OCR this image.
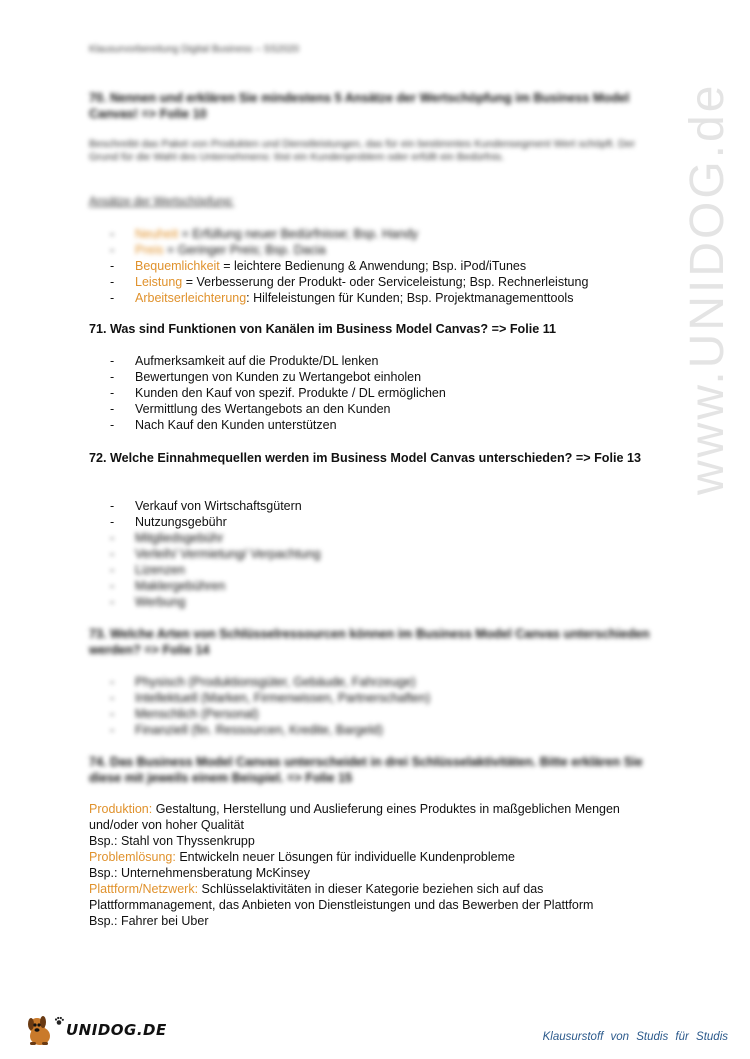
Klausurvorbereitung Digital Business – SS2020
70. Nennen und erklären Sie mindestens 5 Ansätze der Wertschöpfung im Business Model Canvas! => Folie 10
Beschreibt das Paket von Produkten und Dienstleistungen, das für ein bestimmtes Kundensegment Wert schöpft. Der Grund für die Wahl des Unternehmens: löst ein Kundenproblem oder erfüllt ein Bedürfnis.
Ansätze der Wertschöpfung:
- Neuheit = Erfüllung neuer Bedürfnisse; Bsp. Handy
- Preis = Geringer Preis; Bsp. Dacia
- Bequemlichkeit = leichtere Bedienung & Anwendung; Bsp. iPod/iTunes
- Leistung = Verbesserung der Produkt- oder Serviceleistung; Bsp. Rechnerleistung
- Arbeitserleichterung: Hilfeleistungen für Kunden; Bsp. Projektmanagementtools
71. Was sind Funktionen von Kanälen im Business Model Canvas? => Folie 11
- Aufmerksamkeit auf die Produkte/DL lenken
- Bewertungen von Kunden zu Wertangebot einholen
- Kunden den Kauf von spezif. Produkte / DL ermöglichen
- Vermittlung des Wertangebots an den Kunden
- Nach Kauf den Kunden unterstützen
72. Welche Einnahmequellen werden im Business Model Canvas unterschieden? => Folie 13
- Verkauf von Wirtschaftsgütern
- Nutzungsgebühr
- Mitgliedsgebühr
- Verleih/ Vermietung/ Verpachtung
- Lizenzen
- Maklergebühren
- Werbung
73. Welche Arten von Schlüsselressourcen können im Business Model Canvas unterschieden werden? => Folie 14
- Physisch (Produktionsgüter, Gebäude, Fahrzeuge)
- Intellektuell (Marken, Firmenwissen, Partnerschaften)
- Menschlich (Personal)
- Finanziell (fin. Ressourcen, Kredite, Bargeld)
74. Das Business Model Canvas unterscheidet in drei Schlüsselaktivitäten. Bitte erklären Sie diese mit jeweils einem Beispiel. => Folie 15
Produktion: Gestaltung, Herstellung und Auslieferung eines Produktes in maßgeblichen Mengen und/oder von hoher Qualität
Bsp.: Stahl von Thyssenkrupp
Problemlösung: Entwickeln neuer Lösungen für individuelle Kundenprobleme
Bsp.: Unternehmensberatung McKinsey
Plattform/Netzwerk: Schlüsselaktivitäten in dieser Kategorie beziehen sich auf das Plattformmanagement, das Anbieten von Dienstleistungen und das Bewerben der Plattform
Bsp.: Fahrer bei Uber
www.UNIDOG.de
UNIDOG.DE	Klausurstoff von Studis für Studis
